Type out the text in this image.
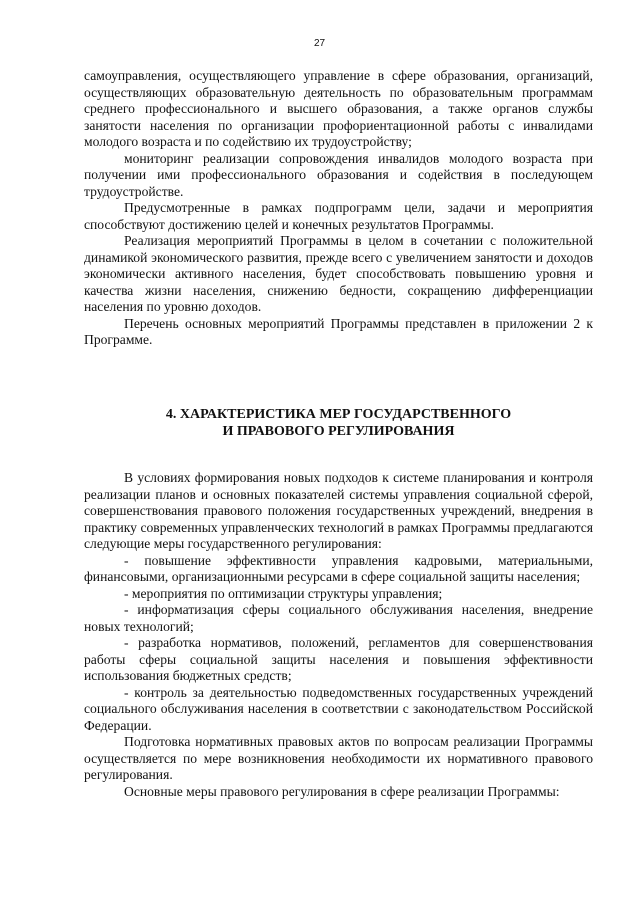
27

самоуправления, осуществляющего управление в сфере образования, организаций, осуществляющих образовательную деятельность по образовательным программам среднего профессионального и высшего образования, а также органов службы занятости населения по организации профориентационной работы с инвалидами молодого возраста и по содействию их трудоустройству;

мониторинг реализации сопровождения инвалидов молодого возраста при получении ими профессионального образования и содействия в последующем трудоустройстве.

Предусмотренные в рамках подпрограмм цели, задачи и мероприятия способствуют достижению целей и конечных результатов Программы.

Реализация мероприятий Программы в целом в сочетании с положительной динамикой экономического развития, прежде всего с увеличением занятости и доходов экономически активного населения, будет способствовать повышению уровня и качества жизни населения, снижению бедности, сокращению дифференциации населения по уровню доходов.

Перечень основных мероприятий Программы представлен в приложении 2 к Программе.

4. ХАРАКТЕРИСТИКА МЕР ГОСУДАРСТВЕННОГО
И ПРАВОВОГО РЕГУЛИРОВАНИЯ

В условиях формирования новых подходов к системе планирования и контроля реализации планов и основных показателей системы управления социальной сферой, совершенствования правового положения государственных учреждений, внедрения в практику современных управленческих технологий в рамках Программы предлагаются следующие меры государственного регулирования:

- повышение эффективности управления кадровыми, материальными, финансовыми, организационными ресурсами в сфере социальной защиты населения;

- мероприятия по оптимизации структуры управления;

- информатизация сферы социального обслуживания населения, внедрение новых технологий;

- разработка нормативов, положений, регламентов для совершенствования работы сферы социальной защиты населения и повышения эффективности использования бюджетных средств;

- контроль за деятельностью подведомственных государственных учреждений социального обслуживания населения в соответствии с законодательством Российской Федерации.

Подготовка нормативных правовых актов по вопросам реализации Программы осуществляется по мере возникновения необходимости их нормативного правового регулирования.

Основные меры правового регулирования в сфере реализации Программы:
